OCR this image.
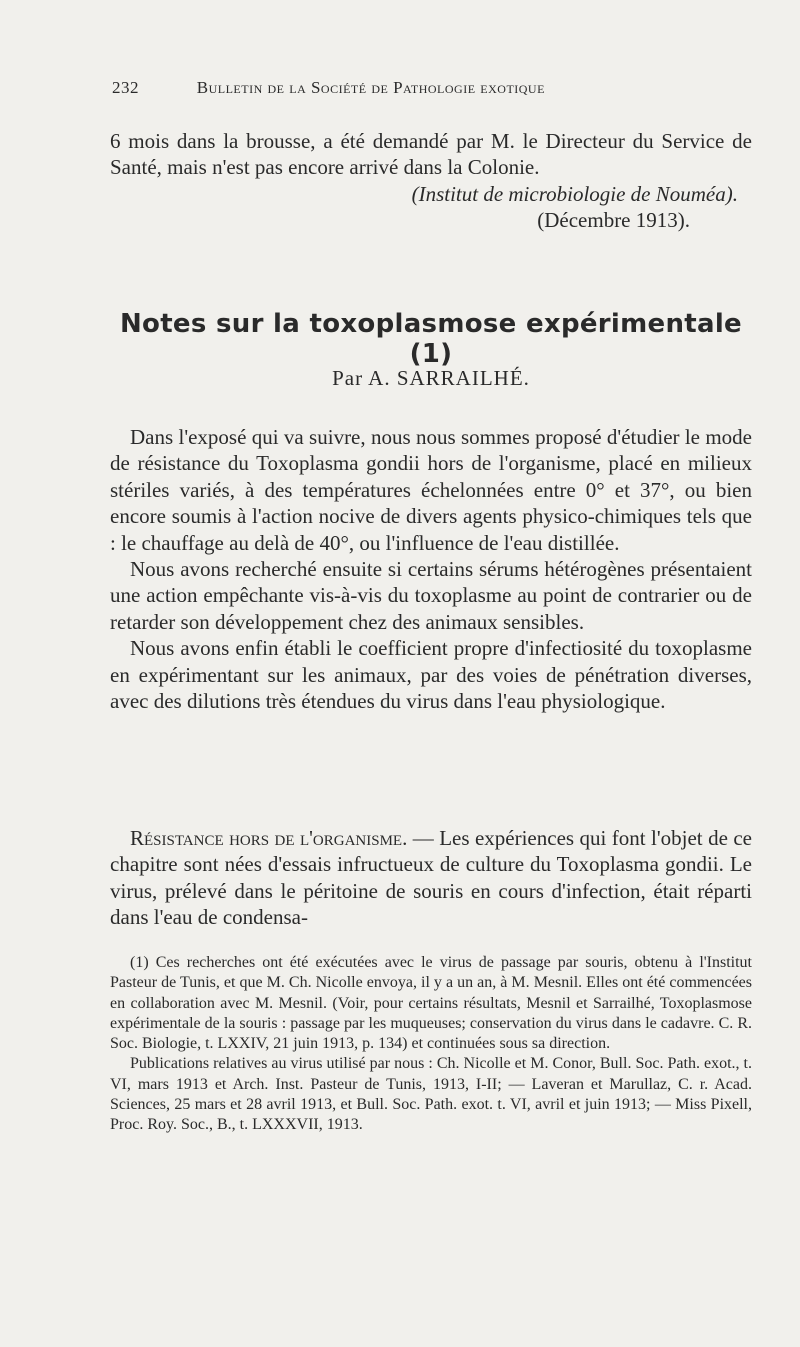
232	Bulletin de la Société de Pathologie exotique

6 mois dans la brousse, a été demandé par M. le Directeur du Service de Santé, mais n'est pas encore arrivé dans la Colonie.

(Institut de microbiologie de Nouméa).
(Décembre 1913).
Notes sur la toxoplasmose expérimentale (1)
Par A. SARRAILHÉ.

Dans l'exposé qui va suivre, nous nous sommes proposé d'étudier le mode de résistance du Toxoplasma gondii hors de l'organisme, placé en milieux stériles variés, à des températures échelonnées entre 0° et 37°, ou bien encore soumis à l'action nocive de divers agents physico-chimiques tels que : le chauffage au delà de 40°, ou l'influence de l'eau distillée.

Nous avons recherché ensuite si certains sérums hétérogènes présentaient une action empêchante vis-à-vis du toxoplasme au point de contrarier ou de retarder son développement chez des animaux sensibles.

Nous avons enfin établi le coefficient propre d'infectiosité du toxoplasme en expérimentant sur les animaux, par des voies de pénétration diverses, avec des dilutions très étendues du virus dans l'eau physiologique.

Résistance hors de l'organisme. — Les expériences qui font l'objet de ce chapitre sont nées d'essais infructueux de culture du Toxoplasma gondii. Le virus, prélevé dans le péritoine de souris en cours d'infection, était réparti dans l'eau de condensa-

(1) Ces recherches ont été exécutées avec le virus de passage par souris, obtenu à l'Institut Pasteur de Tunis, et que M. Ch. Nicolle envoya, il y a un an, à M. Mesnil. Elles ont été commencées en collaboration avec M. Mesnil. (Voir, pour certains résultats, Mesnil et Sarrailhé, Toxoplasmose expérimentale de la souris : passage par les muqueuses; conservation du virus dans le cadavre. C. R. Soc. Biologie, t. LXXIV, 21 juin 1913, p. 134) et continuées sous sa direction.

Publications relatives au virus utilisé par nous : Ch. Nicolle et M. Conor, Bull. Soc. Path. exot., t. VI, mars 1913 et Arch. Inst. Pasteur de Tunis, 1913, I-II; — Laveran et Marullaz, C. r. Acad. Sciences, 25 mars et 28 avril 1913, et Bull. Soc. Path. exot. t. VI, avril et juin 1913; — Miss Pixell, Proc. Roy. Soc., B., t. LXXXVII, 1913.
